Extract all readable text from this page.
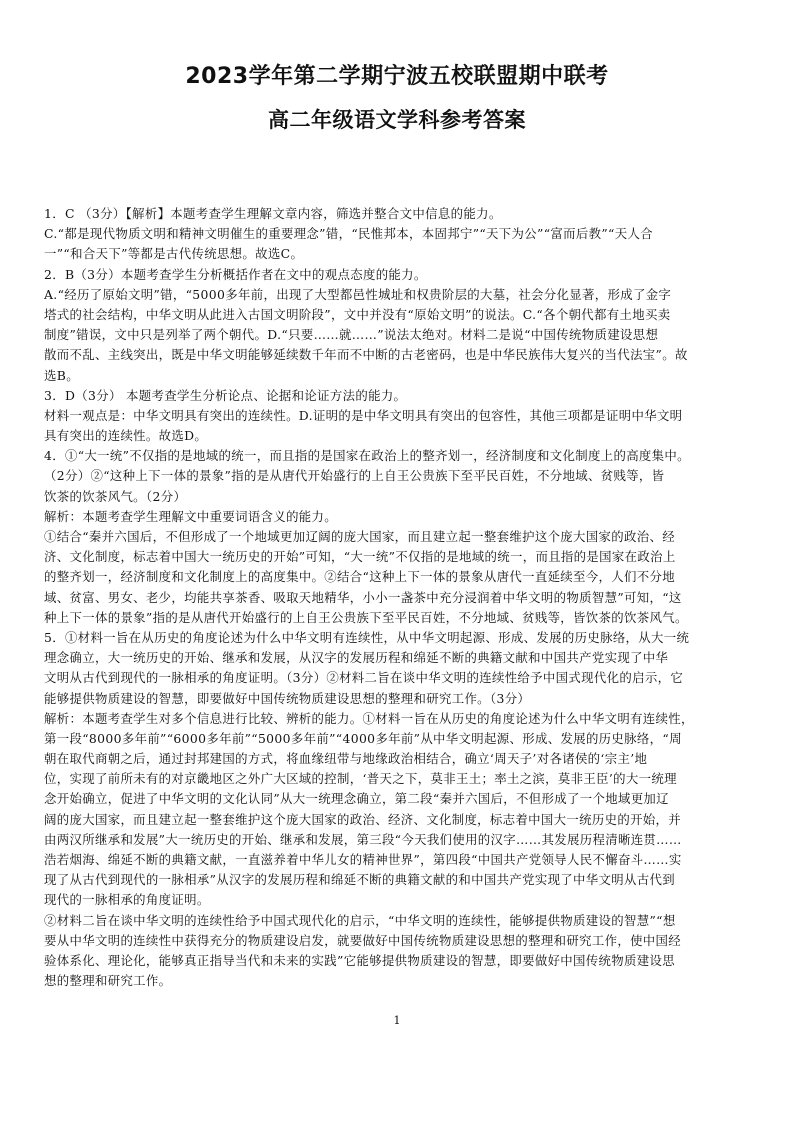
2023学年第二学期宁波五校联盟期中联考
高二年级语文学科参考答案
1．C （3分）【解析】本题考查学生理解文章内容，筛选并整合文中信息的能力。
C.“都是现代物质文明和精神文明催生的重要理念”错，“民惟邦本，本固邦宁”“天下为公”“富而后教”“天人合
一”“和合天下”等都是古代传统思想。故选C。
2．B（3分）本题考查学生分析概括作者在文中的观点态度的能力。
A.“经历了原始文明”错，“5000多年前，出现了大型都邑性城址和权贵阶层的大墓，社会分化显著，形成了金字
塔式的社会结构，中华文明从此进入古国文明阶段”，文中并没有“原始文明”的说法。C.“各个朝代都有土地买卖
制度”错误，文中只是列举了两个朝代。D.“只要……就……”说法太绝对。材料二是说“中国传统物质建设思想
散而不乱、主线突出，既是中华文明能够延续数千年而不中断的古老密码，也是中华民族伟大复兴的当代法宝”。故
选B。
3．D（3分） 本题考查学生分析论点、论据和论证方法的能力。
材料一观点是：中华文明具有突出的连续性。D.证明的是中华文明具有突出的包容性，其他三项都是证明中华文明
具有突出的连续性。故选D。
4．①“大一统”不仅指的是地域的统一，而且指的是国家在政治上的整齐划一，经济制度和文化制度上的高度集中。
（2分）②“这种上下一体的景象”指的是从唐代开始盛行的上自王公贵族下至平民百姓，不分地域、贫贱等，皆
饮茶的饮茶风气。（2分）
解析：本题考查学生理解文中重要词语含义的能力。
①结合“秦并六国后，不但形成了一个地域更加辽阔的庞大国家，而且建立起一整套维护这个庞大国家的政治、经
济、文化制度，标志着中国大一统历史的开始”可知，“大一统”不仅指的是地域的统一，而且指的是国家在政治上
的整齐划一，经济制度和文化制度上的高度集中。②结合“这种上下一体的景象从唐代一直延续至今，人们不分地
域、贫富、男女、老少，均能共享茶香、吸取天地精华，小小一盏茶中充分浸润着中华文明的物质智慧”可知，“这
种上下一体的景象”指的是从唐代开始盛行的上自王公贵族下至平民百姓，不分地域、贫贱等，皆饮茶的饮茶风气。
5．①材料一旨在从历史的角度论述为什么中华文明有连续性，从中华文明起源、形成、发展的历史脉络，从大一统
理念确立，大一统历史的开始、继承和发展，从汉字的发展历程和绵延不断的典籍文献和中国共产党实现了中华
文明从古代到现代的一脉相承的角度证明。（3分）②材料二旨在谈中华文明的连续性给予中国式现代化的启示，它
能够提供物质建设的智慧，即要做好中国传统物质建设思想的整理和研究工作。（3分）
解析：本题考查学生对多个信息进行比较、辨析的能力。①材料一旨在从历史的角度论述为什么中华文明有连续性，
第一段“8000多年前”“6000多年前”“5000多年前”“4000多年前”从中华文明起源、形成、发展的历史脉络，“周
朝在取代商朝之后，通过封邦建国的方式，将血缘纽带与地缘政治相结合，确立‘周天子’对各诸侯的‘宗主’地
位，实现了前所未有的对京畿地区之外广大区域的控制，‘普天之下，莫非王土；率土之滨，莫非王臣’的大一统理
念开始确立，促进了中华文明的文化认同”从大一统理念确立，第二段“秦并六国后，不但形成了一个地域更加辽
阔的庞大国家，而且建立起一整套维护这个庞大国家的政治、经济、文化制度，标志着中国大一统历史的开始，并
由两汉所继承和发展”大一统历史的开始、继承和发展，第三段“今天我们使用的汉字……其发展历程清晰连贯……
浩若烟海、绵延不断的典籍文献，一直滋养着中华儿女的精神世界”，第四段“中国共产党领导人民不懈奋斗……实
现了从古代到现代的一脉相承”从汉字的发展历程和绵延不断的典籍文献的和中国共产党实现了中华文明从古代到
现代的一脉相承的角度证明。
②材料二旨在谈中华文明的连续性给予中国式现代化的启示，“中华文明的连续性，能够提供物质建设的智慧”“想
要从中华文明的连续性中获得充分的物质建设启发，就要做好中国传统物质建设思想的整理和研究工作，使中国经
验体系化、理论化，能够真正指导当代和未来的实践”它能够提供物质建设的智慧，即要做好中国传统物质建设思
想的整理和研究工作。
1
